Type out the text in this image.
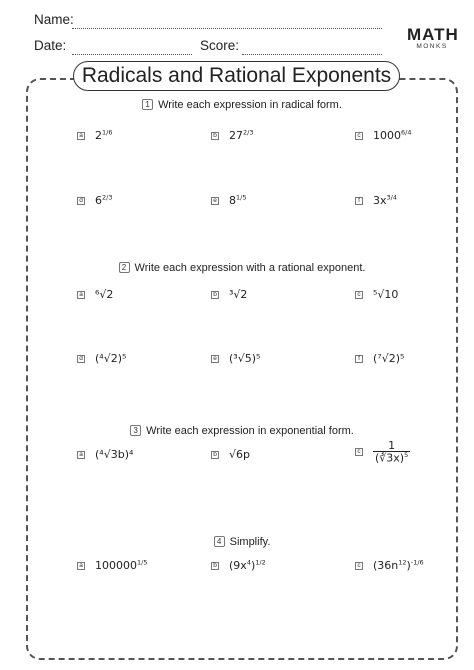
Name:
Date:	Score:
MATH
MONKS
Radicals and Rational Exponents
1 Write each expression in radical form.
a $2^{1/6}$	b $27^{2/3}$	c $1000^{6/4}$
d $6^{2/3}$	e $8^{1/5}$	f $3x^{3/4}$
2 Write each expression with a rational exponent.
a ⁶√2	b ³√2	c ⁵√10
d (⁴√2)⁵	e (³√5)⁵	f (⁷√2)⁵
3 Write each expression in exponential form.
a (⁴√3b)⁴	b √6p	c $\frac{1}{(∛3x)^5}$
4 Simplify.
a $100000^{1/5}$	b $(9x^4)^{1/2}$	c $(36n^{12})^{-1/6}$
